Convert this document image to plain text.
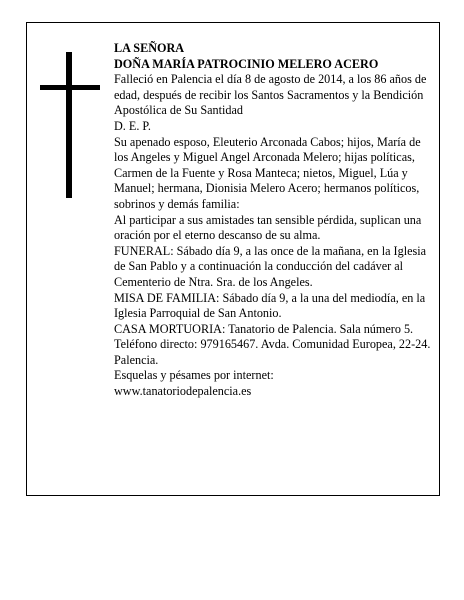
LA SEÑORA

DOÑA MARÍA PATROCINIO MELERO ACERO

Falleció en Palencia el día 8 de agosto de 2014, a los 86 años de edad, después de recibir los Santos Sacramentos y la Bendición Apostólica de Su Santidad

D. E. P.

Su apenado esposo, Eleuterio Arconada Cabos; hijos, María de los Angeles y Miguel Angel Arconada Melero; hijas políticas, Carmen de la Fuente y Rosa Manteca; nietos, Miguel, Lúa y Manuel; hermana, Dionisia Melero Acero; hermanos políticos, sobrinos y demás familia:

Al participar a sus amistades tan sensible pérdida, suplican una oración por el eterno descanso de su alma.

FUNERAL: Sábado día 9, a las once de la mañana, en la Iglesia de San Pablo y a continuación la conducción del cadáver al Cementerio de Ntra. Sra. de los Angeles.

MISA DE FAMILIA: Sábado día 9, a la una del mediodía, en la Iglesia Parroquial de San Antonio.

CASA MORTUORIA: Tanatorio de Palencia. Sala número 5. Teléfono directo: 979165467. Avda. Comunidad Europea, 22-24. Palencia.

Esquelas y pésames por internet:

www.tanatoriodepalencia.es
